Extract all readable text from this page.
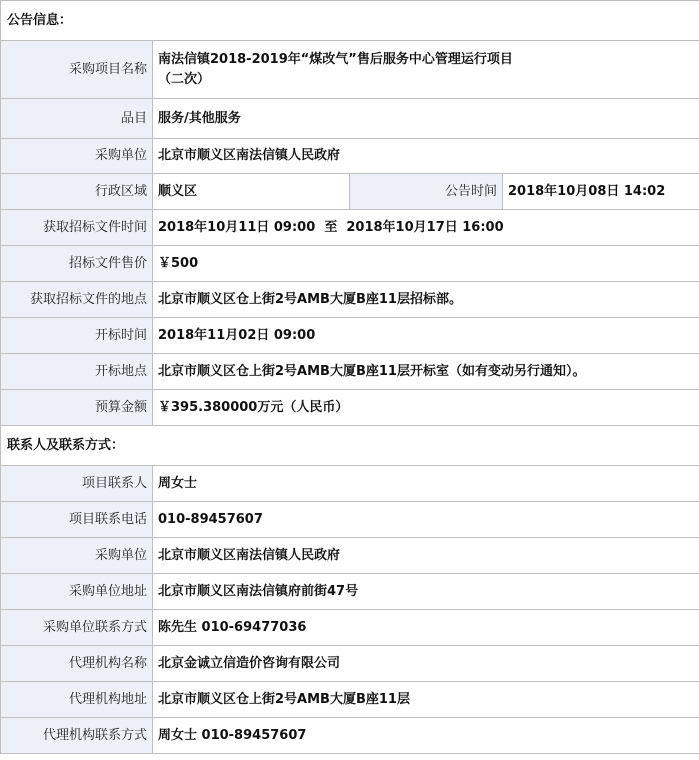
公告信息：			
采购项目名称	南法信镇2018-2019年“煤改气”售后服务中心管理运行项目
（二次）		

品目	服务/其他服务		
采购单位	北京市顺义区南法信镇人民政府		
行政区域	顺义区	公告时间	2018年10月08日 14:02
获取招标文件时间	2018年10月11日 09:00  至  2018年10月17日 16:00		
招标文件售价	￥500		
获取招标文件的地点	北京市顺义区仓上街2号AMB大厦B座11层招标部。		
开标时间	2018年11月02日 09:00		
开标地点	北京市顺义区仓上街2号AMB大厦B座11层开标室（如有变动另行通知）。		
预算金额	￥395.380000万元（人民币）		
联系人及联系方式：			
项目联系人	周女士		
项目联系电话	010-89457607		
采购单位	北京市顺义区南法信镇人民政府		
采购单位地址	北京市顺义区南法信镇府前街47号		
采购单位联系方式	陈先生 010-69477036		
代理机构名称	北京金诚立信造价咨询有限公司		
代理机构地址	北京市顺义区仓上街2号AMB大厦B座11层		
代理机构联系方式	周女士 010-89457607		
